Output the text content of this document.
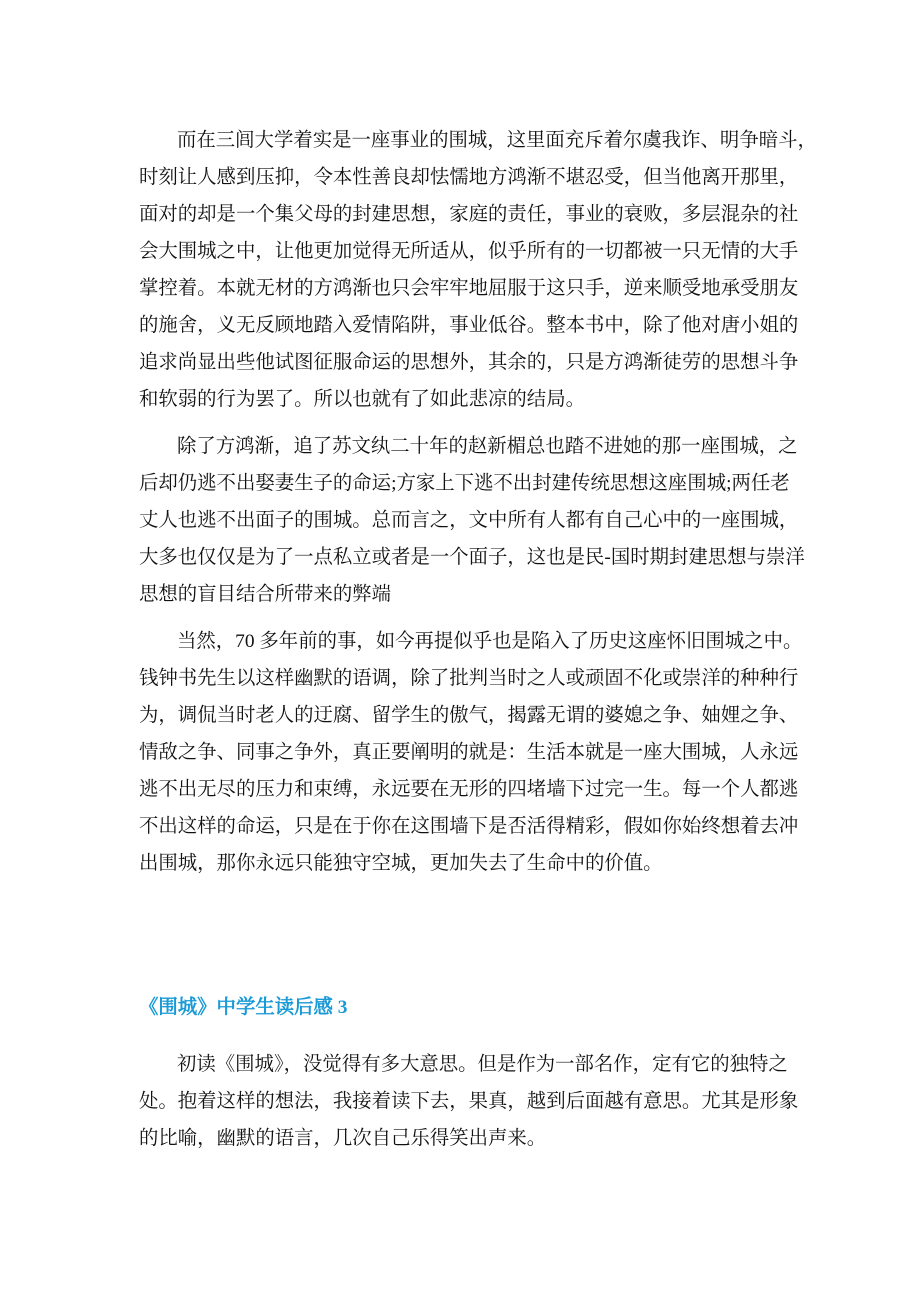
而在三闾大学着实是一座事业的围城，这里面充斥着尔虞我诈、明争暗斗，
时刻让人感到压抑，令本性善良却怯懦地方鸿渐不堪忍受，但当他离开那里，
面对的却是一个集父母的封建思想，家庭的责任，事业的衰败，多层混杂的社
会大围城之中，让他更加觉得无所适从，似乎所有的一切都被一只无情的大手
掌控着。本就无材的方鸿渐也只会牢牢地屈服于这只手，逆来顺受地承受朋友
的施舍，义无反顾地踏入爱情陷阱，事业低谷。整本书中，除了他对唐小姐的
追求尚显出些他试图征服命运的思想外，其余的，只是方鸿渐徒劳的思想斗争
和软弱的行为罢了。所以也就有了如此悲凉的结局。
除了方鸿渐，追了苏文纨二十年的赵新楣总也踏不进她的那一座围城，之
后却仍逃不出娶妻生子的命运;方家上下逃不出封建传统思想这座围城;两任老
丈人也逃不出面子的围城。总而言之，文中所有人都有自己心中的一座围城，
大多也仅仅是为了一点私立或者是一个面子，这也是民-国时期封建思想与崇洋
思想的盲目结合所带来的弊端
当然，70 多年前的事，如今再提似乎也是陷入了历史这座怀旧围城之中。
钱钟书先生以这样幽默的语调，除了批判当时之人或顽固不化或崇洋的种种行
为，调侃当时老人的迂腐、留学生的傲气，揭露无谓的婆媳之争、妯娌之争、
情敌之争、同事之争外，真正要阐明的就是：生活本就是一座大围城，人永远
逃不出无尽的压力和束缚，永远要在无形的四堵墙下过完一生。每一个人都逃
不出这样的命运，只是在于你在这围墙下是否活得精彩，假如你始终想着去冲
出围城，那你永远只能独守空城，更加失去了生命中的价值。
《围城》中学生读后感 3
初读《围城》，没觉得有多大意思。但是作为一部名作，定有它的独特之
处。抱着这样的想法，我接着读下去，果真，越到后面越有意思。尤其是形象
的比喻，幽默的语言，几次自己乐得笑出声来。
